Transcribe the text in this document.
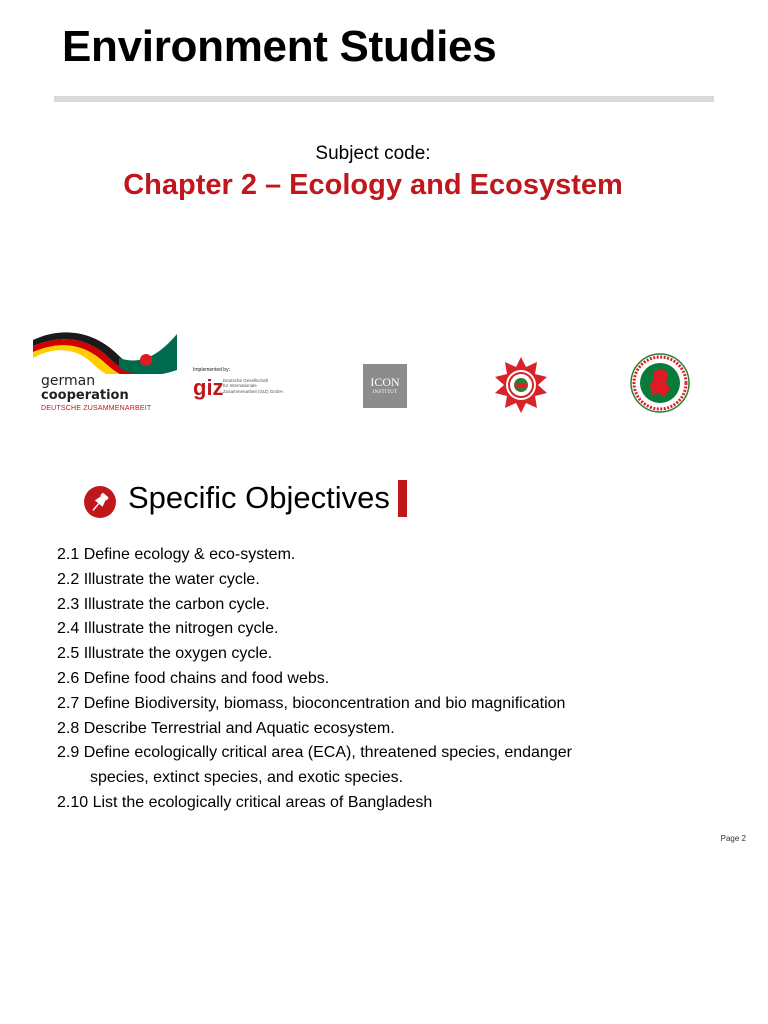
Environment Studies
Subject code:
Chapter 2 – Ecology and Ecosystem
german
cooperation
DEUTSCHE ZUSAMMENARBEIT
Implemented by:
giz Deutsche Gesellschaft
für Internationale
Zusammenarbeit (GIZ) GmbH
ICON
INSTITUT
Specific Objectives
2.1 Define ecology & eco-system.
2.2 Illustrate the water cycle.
2.3 Illustrate the carbon cycle.
2.4 Illustrate the nitrogen cycle.
2.5 Illustrate the oxygen cycle.
2.6 Define food chains and food webs.
2.7 Define Biodiversity, biomass, bioconcentration and bio magnification
2.8 Describe Terrestrial and Aquatic ecosystem.
2.9 Define ecologically critical area (ECA), threatened species, endanger
species, extinct species, and exotic species.
2.10 List the ecologically critical areas of Bangladesh
Page 2
